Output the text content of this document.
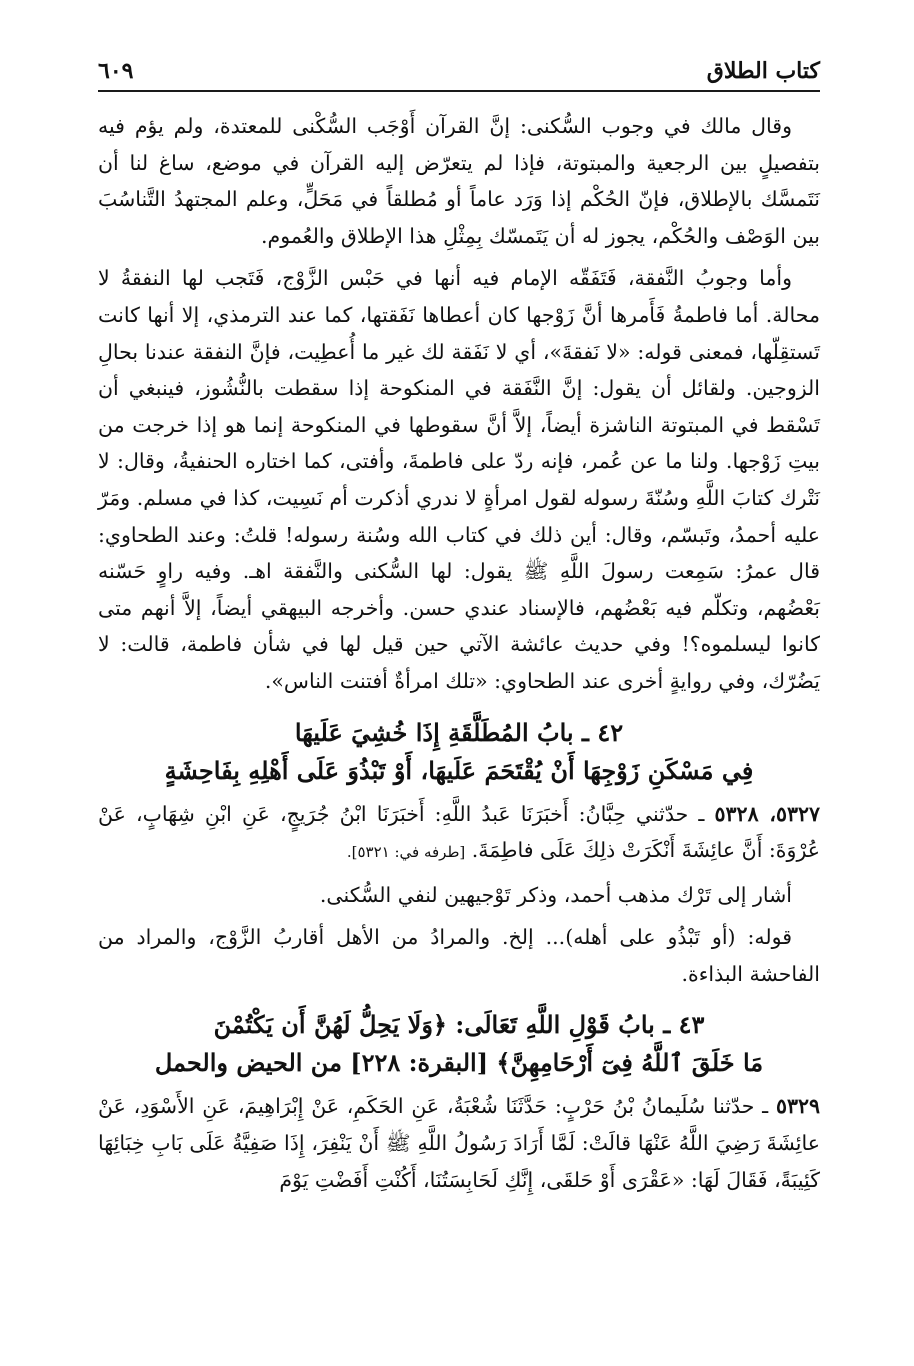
كتاب الطلاق
٦٠٩

وقال مالك في وجوب السُّكنى: إنَّ القرآن أَوْجَب السُّكْنى للمعتدة، ولم يؤم فيه بتفصيلٍ بين الرجعية والمبتوتة، فإذا لم يتعرّض إليه القرآن في موضع، ساغ لنا أن نَتَمسَّك بالإطلاق، فإنّ الحُكْم إذا وَرَد عاماً أو مُطلقاً في مَحَلٍّ، وعلم المجتهدُ التَّناسُبَ بين الوَصْف والحُكْم، يجوز له أن يَتَمسّك بِمِثْلِ هذا الإطلاق والعُموم.

وأما وجوبُ النَّفقة، فَتَفَقّه الإمام فيه أنها في حَبْس الزَّوْج، فَتَجب لها النفقةُ لا محالة. أما فاطمةُ فَأَمرها أنَّ زَوْجها كان أعطاها نَفَقتها، كما عند الترمذي، إلا أنها كانت تَستقِلّها، فمعنى قوله: «لا نَفقةَ»، أي لا نَفَقة لك غير ما أُعطِيت، فإنَّ النفقة عندنا بحالِ الزوجين. ولقائل أن يقول: إنَّ النَّفَقة في المنكوحة إذا سقطت بالنُّشُوز، فينبغي أن تَسْقط في المبتوتة الناشزة أيضاً، إلاَّ أنَّ سقوطها في المنكوحة إنما هو إذا خرجت من بيتِ زَوْجها. ولنا ما عن عُمر، فإنه ردّ على فاطمةَ، وأفتى، كما اختاره الحنفيةُ، وقال: لا نَتْرك كتابَ اللَّهِ وسُنّةَ رسوله لقول امرأةٍ لا ندري أذكرت أم نَسِيت، كذا في مسلم. ومَرّ عليه أحمدُ، وتَبسّم، وقال: أين ذلك في كتاب الله وسُنة رسوله! قلتُ: وعند الطحاوي: قال عمرُ: سَمِعت رسولَ اللَّهِ ﷺ يقول: لها السُّكنى والنَّفقة اهـ. وفيه راوٍ حَسّنه بَعْضُهم، وتكلّم فيه بَعْضُهم، فالإسناد عندي حسن. وأخرجه البيهقي أيضاً، إلاَّ أنهم متى كانوا ليسلموه؟! وفي حديث عائشة الآتي حين قيل لها في شأن فاطمة، قالت: لا يَضُرّك، وفي روايةٍ أخرى عند الطحاوي: «تلك امرأةٌ أفتنت الناس».

٤٢ ـ بابُ المُطَلَّقَةِ إِذَا خُشِيَ عَلَيهَا
فِي مَسْكَنِ زَوْجِهَا أَنْ يُقْتَحَمَ عَلَيهَا، أَوْ تَبْذُوَ عَلَى أَهْلِهِ بِفَاحِشَةٍ

٥٣٢٧، ٥٣٢٨ ـ حدّثني حِبَّانُ: أَخبَرَنَا عَبدُ اللَّهِ: أَخبَرَنَا ابْنُ جُرَيجٍ، عَنِ ابْنِ شِهَابٍ، عَنْ عُرْوَةَ: أَنَّ عائِشَةَ أَنْكَرَتْ ذلِكَ عَلَى فاطِمَةَ. [طرفه في: ٥٣٢١].

أشار إلى تَرْك مذهب أحمد، وذكر تَوْجيهين لنفي السُّكنى.

قوله: (أو تَبْذُو على أهله)... إلخ. والمرادُ من الأهل أقاربُ الزَّوْج، والمراد من الفاحشة البذاءة.

٤٣ ـ بابُ قَوْلِ اللَّهِ تَعَالَى: ﴿وَلَا يَحِلُّ لَهُنَّ أَن يَكْتُمْنَ
مَا خَلَقَ ٱللَّهُ فِىٓ أَرْحَامِهِنَّ﴾ [البقرة: ٢٢٨] من الحيض والحمل

٥٣٢٩ ـ حدّثنا سُلَيمانُ بْنُ حَرْبٍ: حَدَّثَنَا شُعْبَةُ، عَنِ الحَكَمِ، عَنْ إِبْرَاهِيمَ، عَنِ الأَسْوَدِ، عَنْ عائِشَةَ رَضِيَ اللَّهُ عَنْهَا قالَتْ: لَمَّا أَرَادَ رَسُولُ اللَّهِ ﷺ أَنْ يَنْفِرَ، إِذَا صَفِيَّةُ عَلَى بَابِ خِبَائِهَا كَئِيبَةً، فَقَالَ لَهَا: «عَقْرَى أَوْ حَلقَى، إِنَّكِ لَحَابِسَتُنَا، أَكُنْتِ أَفَضْتِ يَوْمَ
